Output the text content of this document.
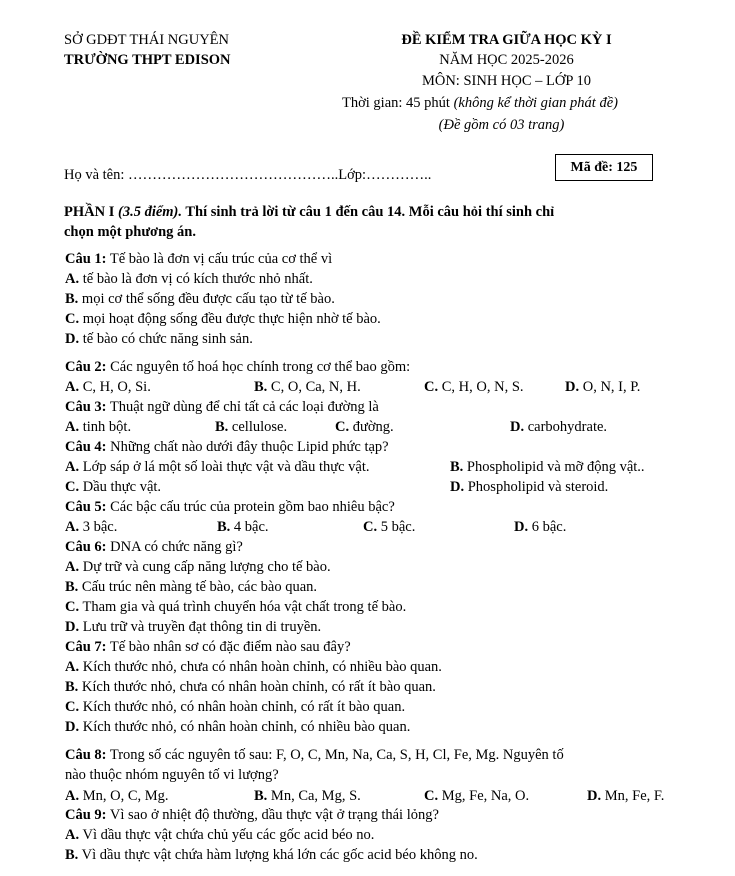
SỞ GDĐT THÁI NGUYÊN
TRƯỜNG THPT EDISON
ĐỀ KIỂM TRA GIỮA HỌC KỲ I
NĂM HỌC 2025-2026
MÔN: SINH HỌC – LỚP 10
Thời gian: 45 phút (không kể thời gian phát đề)
(Đề gồm có 03 trang)
Họ và tên: ……………………………………..Lớp:…………..	Mã đề: 125
PHẦN I (3.5 điểm). Thí sinh trả lời từ câu 1 đến câu 14. Mỗi câu hỏi thí sinh chỉ
chọn một phương án.
Câu 1: Tế bào là đơn vị cấu trúc của cơ thể vì
A. tế bào là đơn vị có kích thước nhỏ nhất.
B. mọi cơ thể sống đều được cấu tạo từ tế bào.
C. mọi hoạt động sống đều được thực hiện nhờ tế bào.
D. tế bào có chức năng sinh sản.
Câu 2: Các nguyên tố hoá học chính trong cơ thể bao gồm:
A. C, H, O, Si.	B. C, O, Ca, N, H.	C. C, H, O, N, S.	D. O, N, I, P.
Câu 3: Thuật ngữ dùng để chỉ tất cả các loại đường là
A. tinh bột.	B. cellulose.	C. đường.	D. carbohydrate.
Câu 4: Những chất nào dưới đây thuộc Lipid phức tạp?
A. Lớp sáp ở lá một số loài thực vật và dầu thực vật.	B. Phospholipid và mỡ động vật..
C. Dầu thực vật.	D. Phospholipid và steroid.
Câu 5: Các bậc cấu trúc của protein gồm bao nhiêu bậc?
A. 3 bậc.	B. 4 bậc.	C. 5 bậc.	D. 6 bậc.
Câu 6: DNA có chức năng gì?
A. Dự trữ và cung cấp năng lượng cho tế bào.
B. Cấu trúc nên màng tế bào, các bào quan.
C. Tham gia và quá trình chuyển hóa vật chất trong tế bào.
D. Lưu trữ và truyền đạt thông tin di truyền.
Câu 7: Tế bào nhân sơ có đặc điểm nào sau đây?
A. Kích thước nhỏ, chưa có nhân hoàn chỉnh, có nhiều bào quan.
B. Kích thước nhỏ, chưa có nhân hoàn chỉnh, có rất ít bào quan.
C. Kích thước nhỏ, có nhân hoàn chỉnh, có rất ít bào quan.
D. Kích thước nhỏ, có nhân hoàn chỉnh, có nhiều bào quan.
Câu 8: Trong số các nguyên tố sau: F, O, C, Mn, Na, Ca, S, H, Cl, Fe, Mg. Nguyên tố
nào thuộc nhóm nguyên tố vi lượng?
A. Mn, O, C, Mg.	B. Mn, Ca, Mg, S.	C. Mg, Fe, Na, O.	D. Mn, Fe, F.
Câu 9: Vì sao ở nhiệt độ thường, dầu thực vật ở trạng thái lỏng?
A. Vì dầu thực vật chứa chủ yếu các gốc acid béo no.
B. Vì dầu thực vật chứa hàm lượng khá lớn các gốc acid béo không no.
